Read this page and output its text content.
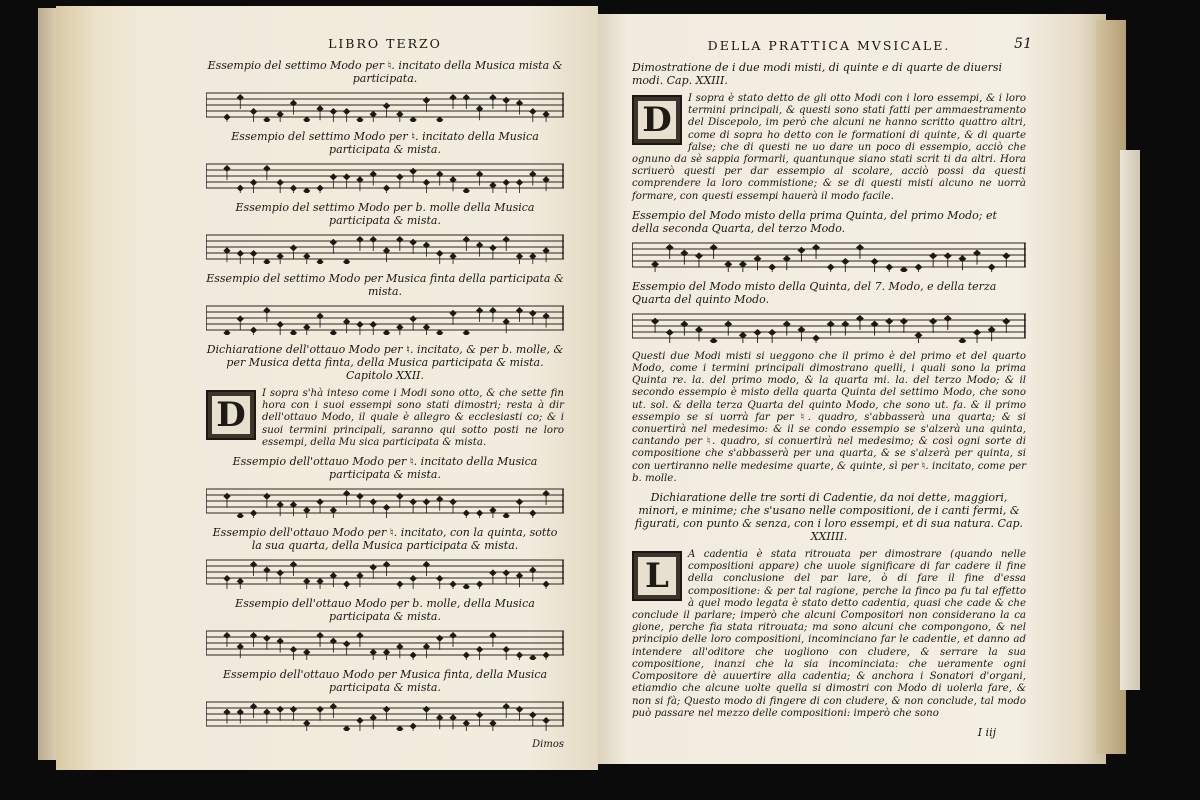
LIBRO TERZO
Essempio del settimo Modo per ♮. incitato della Musica mista & participata.
Essempio del settimo Modo per ♮. incitato della Musica participata & mista.
Essempio del settimo Modo per b. molle della Musica participata & mista.
Essempio del settimo Modo per Musica finta della participata & mista.
Dichiaratione dell'ottauo Modo per ♮. incitato, & per b. molle, & per Musica detta finta, della Musica participata & mista. Capitolo XXII.
D
I sopra s'hà inteso come i Modi sono otto, & che sette fin hora con i suoi essempi sono stati dimostri; resta à dir dell'ottauo Modo, il quale è allegro & ecclesiasti co; & i suoi termini principali, saranno qui sotto posti ne loro essempi, della Mu sica participata & mista.
Essempio dell'ottauo Modo per ♮. incitato della Musica participata & mista.
Essempio dell'ottauo Modo per ♮. incitato, con la quinta, sotto la sua quarta, della Musica participata & mista.
Essempio dell'ottauo Modo per b. molle, della Musica participata & mista.
Essempio dell'ottauo Modo per Musica finta, della Musica participata & mista.
Dimos
DELLA PRATTICA MVSICALE.	51
Dimostratione de i due modi misti, di quinte e di quarte de diuersi modi. Cap. XXIII.
D
I sopra è stato detto de gli otto Modi con i loro essempi, & i loro termini principali, & questi sono stati fatti per ammaestramento del Discepolo, im però che alcuni ne hanno scritto quattro altri, come di sopra ho detto con le formationi di quinte, & di quarte false; che di questi ne uo dare un poco di essempio, acciò che ognuno da sè sappia formarli, quantunque siano stati scrit ti da altri. Hora scriuerò questi per dar essempio al scolare, acciò possi da questi comprendere la loro commistione; & se di questi misti alcuno ne uorrà formare, con questi essempi hauerà il modo facile.
Essempio del Modo misto della prima Quinta, del primo Modo; et della seconda Quarta, del terzo Modo.
Essempio del Modo misto della Quinta, del 7. Modo, e della terza Quarta del quinto Modo.
Questi due Modi misti si ueggono che il primo è del primo et del quarto Modo, come i termini principali dimostrano quelli, i quali sono la prima Quinta re. la. del primo modo, & la quarta mi. la. del terzo Modo; & il secondo essempio è misto della quarta Quinta del settimo Modo, che sono ut. sol. & della terza Quarta del quinto Modo, che sono ut. fa. & il primo essempio se si uorrà far per ♮. quadro, s'abbasserà una quarta; & si conuertirà nel medesimo: & il se condo essempio se s'alzerà una quinta, cantando per ♮. quadro, si conuertirà nel medesimo; & così ogni sorte di compositione che s'abbasserà per una quarta, & se s'alzerà per quinta, si con uertiranno nelle medesime quarte, & quinte, sì per ♮. incitato, come per b. molle.
Dichiaratione delle tre sorti di Cadentie, da noi dette, maggiori, minori, e minime; che s'usano nelle compositioni, de i canti fermi, & figurati, con punto & senza, con i loro essempi, et di sua natura. Cap. XXIIII.
L
A cadentia è stata ritrouata per dimostrare (quando nelle compositioni appare) che uuole significare di far cadere il fine della conclusione del par lare, ò di fare il fine d'essa compositione: & per tal ragione, perche la finco pa fu tal effetto à quel modo legata è stato detto cadentia, quasi che cade & che conclude il parlare; imperò che alcuni Compositori non considerano la ca gione, perche fia stata ritrouata; ma sono alcuni che compongono, & nel principio delle loro compositioni, incominciano far le cadentie, et danno ad intendere all'oditore che uogliono con cludere, & serrare la sua compositione, inanzi che la sia incominciata: che ueramente ogni Compositore dè auuertire alla cadentia; & anchora i Sonatori d'organi, etiamdio che alcune uolte quella si dimostri con Modo di uolerla fare, & non si fà; Questo modo di fingere di con cludere, & non conclude, tal modo può passare nel mezzo delle compositioni: imperò che sono
I iij
